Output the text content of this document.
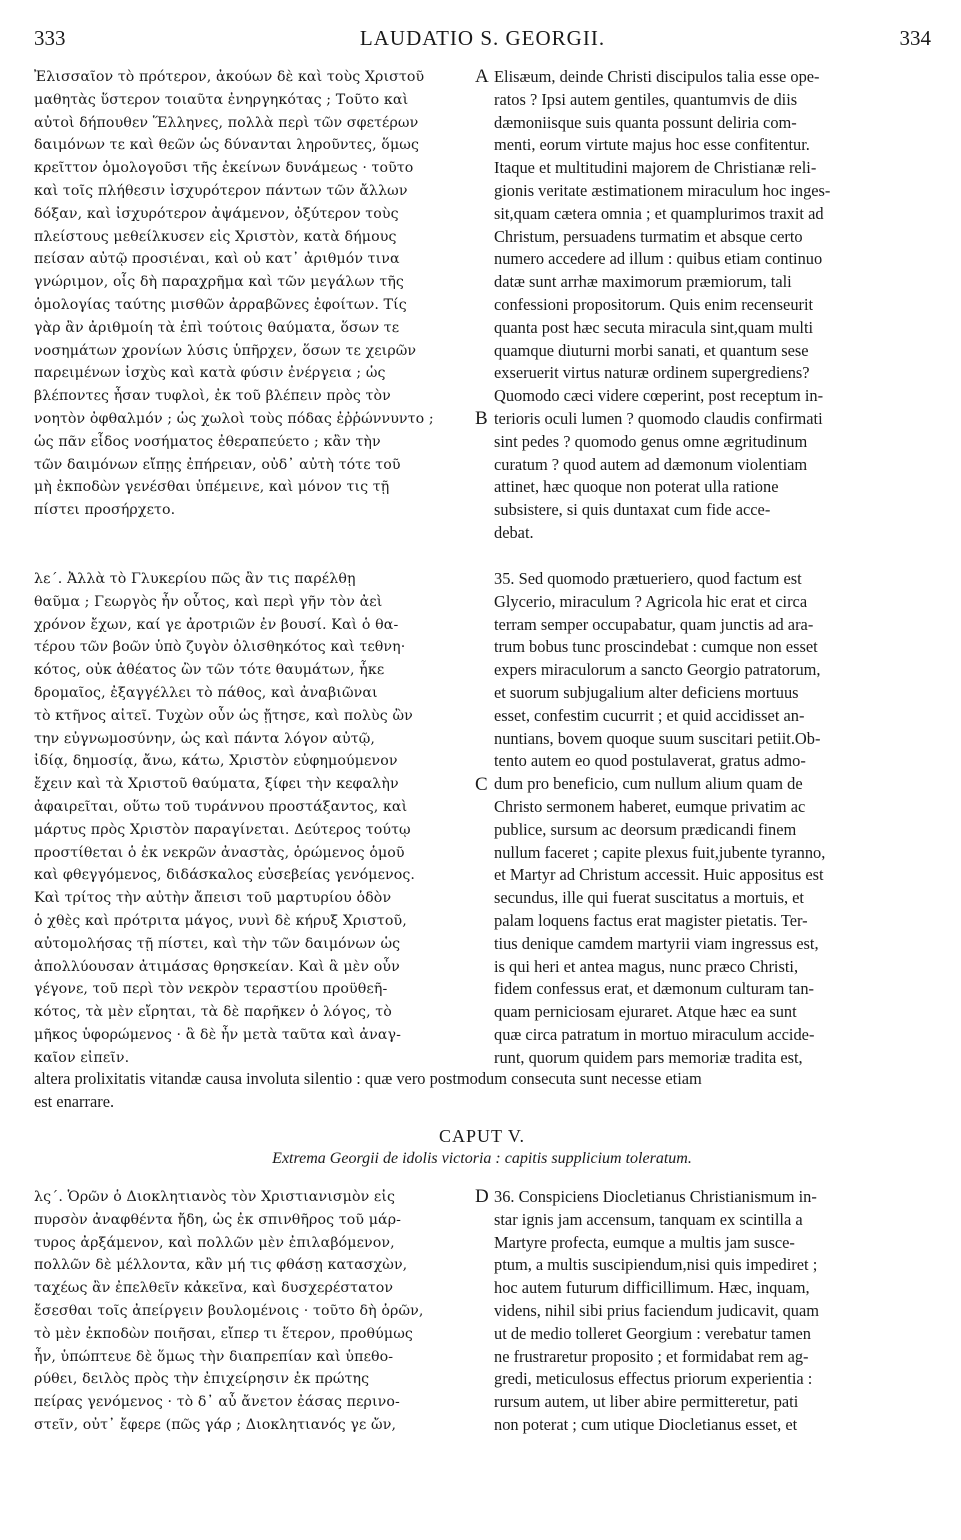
333	LAUDATIO S. GEORGII.	334
Ἐλισσαῖον τὸ πρότερον, ἀκούων δὲ καὶ τοὺς Χριστοῦ
μαθητὰς ὕστερον τοιαῦτα ἐνηργηκότας ; Τοῦτο καὶ
αὐτοὶ δήπουθεν Ἕλληνες, πολλὰ περὶ τῶν σφετέρων
δαιμόνων τε καὶ θεῶν ὡς δύνανται ληροῦντες, ὅμως
κρεῖττον ὁμολογοῦσι τῆς ἐκείνων δυνάμεως · τοῦτο
καὶ τοῖς πλήθεσιν ἰσχυρότερον πάντων τῶν ἄλλων
δόξαν, καὶ ἰσχυρότερον ἀψάμενον, ὀξύτερον τοὺς
πλείστους μεθείλκυσεν εἰς Χριστὸν, κατὰ δήμους
πείσαν αὐτῷ προσιέναι, καὶ οὐ κατ᾿ ἀριθμόν τινα
γνώριμον, οἷς δὴ παραχρῆμα καὶ τῶν μεγάλων τῆς
ὁμολογίας ταύτης μισθῶν ἀρραβῶνες ἐφοίτων. Τίς
γὰρ ἂν ἀριθμοίη τὰ ἐπὶ τούτοις θαύματα, ὅσων τε
νοσημάτων χρονίων λύσις ὑπῆρχεν, ὅσων τε χειρῶν
παρειμένων ἰσχὺς καὶ κατὰ φύσιν ἐνέργεια ; ὡς
βλέποντες ἦσαν τυφλοὶ, ἐκ τοῦ βλέπειν πρὸς τὸν
νοητὸν ὀφθαλμόν ; ὡς χωλοὶ τοὺς πόδας ἐῤῥώννυντο ;
ὡς πᾶν εἶδος νοσήματος ἐθεραπεύετο ; κἂν τὴν
τῶν δαιμόνων εἴπῃς ἐπήρειαν, οὐδ᾿ αὐτὴ τότε τοῦ
μὴ ἐκποδὼν γενέσθαι ὑπέμεινε, καὶ μόνον τις τῇ
πίστει προσήρχετο.
Elisæum, deinde Christi discipulos talia esse ope-
ratos ? Ipsi autem gentiles, quantumvis de diis
dæmoniisque suis quanta possunt deliria com-
menti, eorum virtute majus hoc esse confitentur.
Itaque et multitudini majorem de Christianæ reli-
gionis veritate æstimationem miraculum hoc inges-
sit,quam cætera omnia ; et quamplurimos traxit ad
Christum, persuadens turmatim et absque certo
numero accedere ad illum : quibus etiam continuo
datæ sunt arrhæ maximorum præmiorum, tali
confessioni propositorum. Quis enim recenseurit
quanta post hæc secuta miracula sint,quam multi
quamque diuturni morbi sanati, et quantum sese
exseruerit virtus naturæ ordinem supergrediens?
Quomodo cæci videre cœperint, post receptum in-
terioris oculi lumen ? quomodo claudis confirmati
sint pedes ? quomodo genus omne ægritudinum
curatum ? quod autem ad dæmonum violentiam
attinet, hæc quoque non poterat ulla ratione
subsistere, si quis duntaxat cum fide acce-
debat.
λε΄. Ἀλλὰ τὸ Γλυκερίου πῶς ἂν τις παρέλθῃ
θαῦμα ; Γεωργὸς ἦν οὗτος, καὶ περὶ γῆν τὸν ἀεὶ
χρόνον ἔχων, καί γε ἀροτριῶν ἐν βουσί. Καὶ ὁ θα-
τέρου τῶν βοῶν ὑπὸ ζυγὸν ὀλισθηκότος καὶ τεθνη·
κότος, οὐκ ἀθέατος ὢν τῶν τότε θαυμάτων, ἧκε
δρομαῖος, ἐξαγγέλλει τὸ πάθος, καὶ ἀναβιῶναι
τὸ κτῆνος αἰτεῖ. Τυχὼν οὖν ὡς ᾔτησε, καὶ πολὺς ὢν
την εὐγνωμοσύνην, ὡς καὶ πάντα λόγον αὐτῷ,
ἰδίᾳ, δημοσίᾳ, ἄνω, κάτω, Χριστὸν εὐφημούμενον
ἔχειν καὶ τὰ Χριστοῦ θαύματα, ξίφει τὴν κεφαλὴν
ἀφαιρεῖται, οὕτω τοῦ τυράννου προστάξαντος, καὶ
μάρτυς πρὸς Χριστὸν παραγίνεται. Δεύτερος τούτῳ
προστίθεται ὁ ἐκ νεκρῶν ἀναστὰς, ὁρώμενος ὁμοῦ
καὶ φθεγγόμενος, διδάσκαλος εὐσεβείας γενόμενος.
Καὶ τρίτος τὴν αὐτὴν ἄπεισι τοῦ μαρτυρίου ὁδὸν
ὁ χθὲς καὶ πρότριτα μάγος, νυνὶ δὲ κήρυξ Χριστοῦ,
αὐτομολήσας τῇ πίστει, καὶ τὴν τῶν δαιμόνων ὡς
ἀπολλύουσαν ἀτιμάσας θρησκείαν. Καὶ ἃ μὲν οὖν
γέγονε, τοῦ περὶ τὸν νεκρὸν τεραστίου προϋθεῆ-
κότος, τὰ μὲν εἴρηται, τὰ δὲ παρῆκεν ὁ λόγος, τὸ
μῆκος ὑφορώμενος · ἃ δὲ ἦν μετὰ ταῦτα καὶ ἀναγ-
καῖον εἰπεῖν.
35. Sed quomodo prætueriero, quod factum est
Glycerio, miraculum ? Agricola hic erat et circa
terram semper occupabatur, quam junctis ad ara-
trum bobus tunc proscindebat : cumque non esset
expers miraculorum a sancto Georgio patratorum,
et suorum subjugalium alter deficiens mortuus
esset, confestim cucurrit ; et quid accidisset an-
nuntians, bovem quoque suum suscitari petiit.Ob-
tento autem eo quod postulaverat, gratus admo-
dum pro beneficio, cum nullum alium quam de
Christo sermonem haberet, eumque privatim ac
publice, sursum ac deorsum prædicandi finem
nullum faceret ; capite plexus fuit,jubente tyranno,
et Martyr ad Christum accessit. Huic appositus est
secundus, ille qui fuerat suscitatus a mortuis, et
palam loquens factus erat magister pietatis. Ter-
tius denique camdem martyrii viam ingressus est,
is qui heri et antea magus, nunc præco Christi,
fidem confessus erat, et dæmonum culturam tan-
quam perniciosam ejuraret. Atque hæc ea sunt
quæ circa patratum in mortuo miraculum accide-
runt, quorum quidem pars memoriæ tradita est,
altera prolixitatis vitandæ causa involuta silentio : quæ vero postmodum consecuta sunt necesse etiam
est enarrare.
CAPUT V.
Extrema Georgii de idolis victoria : capitis supplicium toleratum.
λς΄. Ὁρῶν ὁ Διοκλητιανὸς τὸν Χριστιανισμὸν εἰς
πυρσὸν ἀναφθέντα ἤδη, ὡς ἐκ σπινθῆρος τοῦ μάρ-
τυρος ἀρξάμενον, καὶ πολλῶν μὲν ἐπιλαβόμενον,
πολλῶν δὲ μέλλοντα, κἂν μή τις φθάσῃ κατασχὼν,
ταχέως ἂν ἐπελθεῖν κἀκεῖνα, καὶ δυσχερέστατον
ἔσεσθαι τοῖς ἀπείργειν βουλομένοις · τοῦτο δὴ ὁρῶν,
τὸ μὲν ἐκποδὼν ποιῆσαι, εἴπερ τι ἕτερον, προθύμως
ἦν, ὑπώπτευε δὲ ὅμως τὴν διαπρεπίαν καὶ ὑπεθο-
ρύθει, δειλὸς πρὸς τὴν ἐπιχείρησιν ἐκ πρώτης
πείρας γενόμενος · τὸ δ᾿ αὖ ἄνετον ἐάσας περινο-
στεῖν, οὐτ᾿ ἔφερε (πῶς γάρ ; Διοκλητιανός γε ὤν,
36. Conspiciens Diocletianus Christianismum in-
star ignis jam accensum, tanquam ex scintilla a
Martyre profecta, eumque a multis jam susce-
ptum, a multis suscipiendum,nisi quis impediret ;
hoc autem futurum difficillimum. Hæc, inquam,
videns, nihil sibi prius faciendum judicavit, quam
ut de medio tolleret Georgium : verebatur tamen
ne frustraretur proposito ; et formidabat rem ag-
gredi, meticulosus effectus priorum experientia :
rursum autem, ut liber abire permitteretur, pati
non poterat ; cum utique Diocletianus esset, et
A
B
C
D
